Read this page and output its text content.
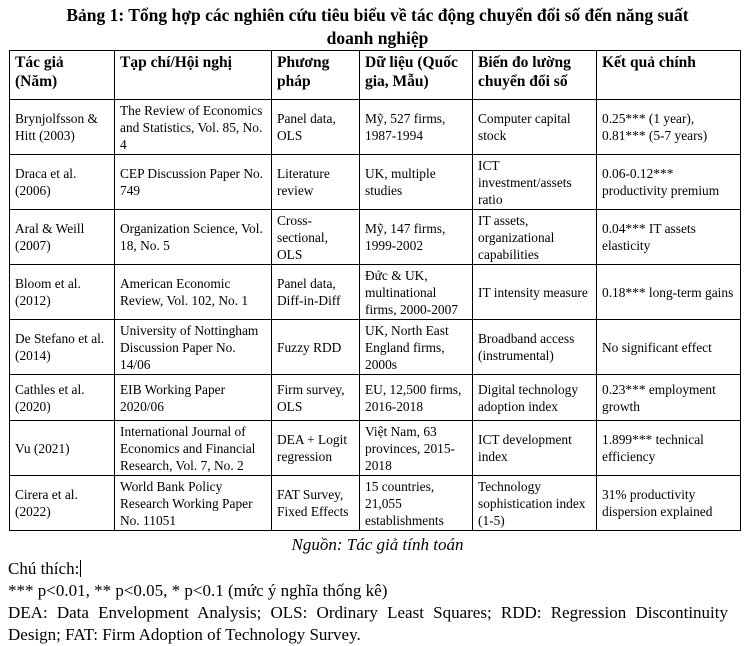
Bảng 1: Tổng hợp các nghiên cứu tiêu biểu về tác động chuyển đổi số đến năng suất
doanh nghiệp
Tác giả (Năm)	Tạp chí/Hội nghị	Phương pháp	Dữ liệu (Quốc gia, Mẫu)	Biến đo lường chuyển đổi số	Kết quả chính
Brynjolfsson & Hitt (2003)	The Review of Economics and Statistics, Vol. 85, No. 4	Panel data, OLS	Mỹ, 527 firms, 1987-1994	Computer capital stock	0.25*** (1 year), 0.81*** (5-7 years)
Draca et al. (2006)	CEP Discussion Paper No. 749	Literature review	UK, multiple studies	ICT investment/assets ratio	0.06-0.12*** productivity premium
Aral & Weill (2007)	Organization Science, Vol. 18, No. 5	Cross-sectional, OLS	Mỹ, 147 firms, 1999-2002	IT assets, organizational capabilities	0.04*** IT assets elasticity
Bloom et al. (2012)	American Economic Review, Vol. 102, No. 1	Panel data, Diff-in-Diff	Đức & UK, multinational firms, 2000-2007	IT intensity measure	0.18*** long-term gains
De Stefano et al. (2014)	University of Nottingham Discussion Paper No. 14/06	Fuzzy RDD	UK, North East England firms, 2000s	Broadband access (instrumental)	No significant effect
Cathles et al. (2020)	EIB Working Paper 2020/06	Firm survey, OLS	EU, 12,500 firms, 2016-2018	Digital technology adoption index	0.23*** employment growth
Vu (2021)	International Journal of Economics and Financial Research, Vol. 7, No. 2	DEA + Logit regression	Việt Nam, 63 provinces, 2015-2018	ICT development index	1.899*** technical efficiency
Cirera et al. (2022)	World Bank Policy Research Working Paper No. 11051	FAT Survey, Fixed Effects	15 countries, 21,055 establishments	Technology sophistication index (1-5)	31% productivity dispersion explained
Nguồn: Tác giả tính toán

Chú thích:

*** p<0.01, ** p<0.05, * p<0.1 (mức ý nghĩa thống kê)

DEA: Data Envelopment Analysis; OLS: Ordinary Least Squares; RDD: Regression Discontinuity Design; FAT: Firm Adoption of Technology Survey.
